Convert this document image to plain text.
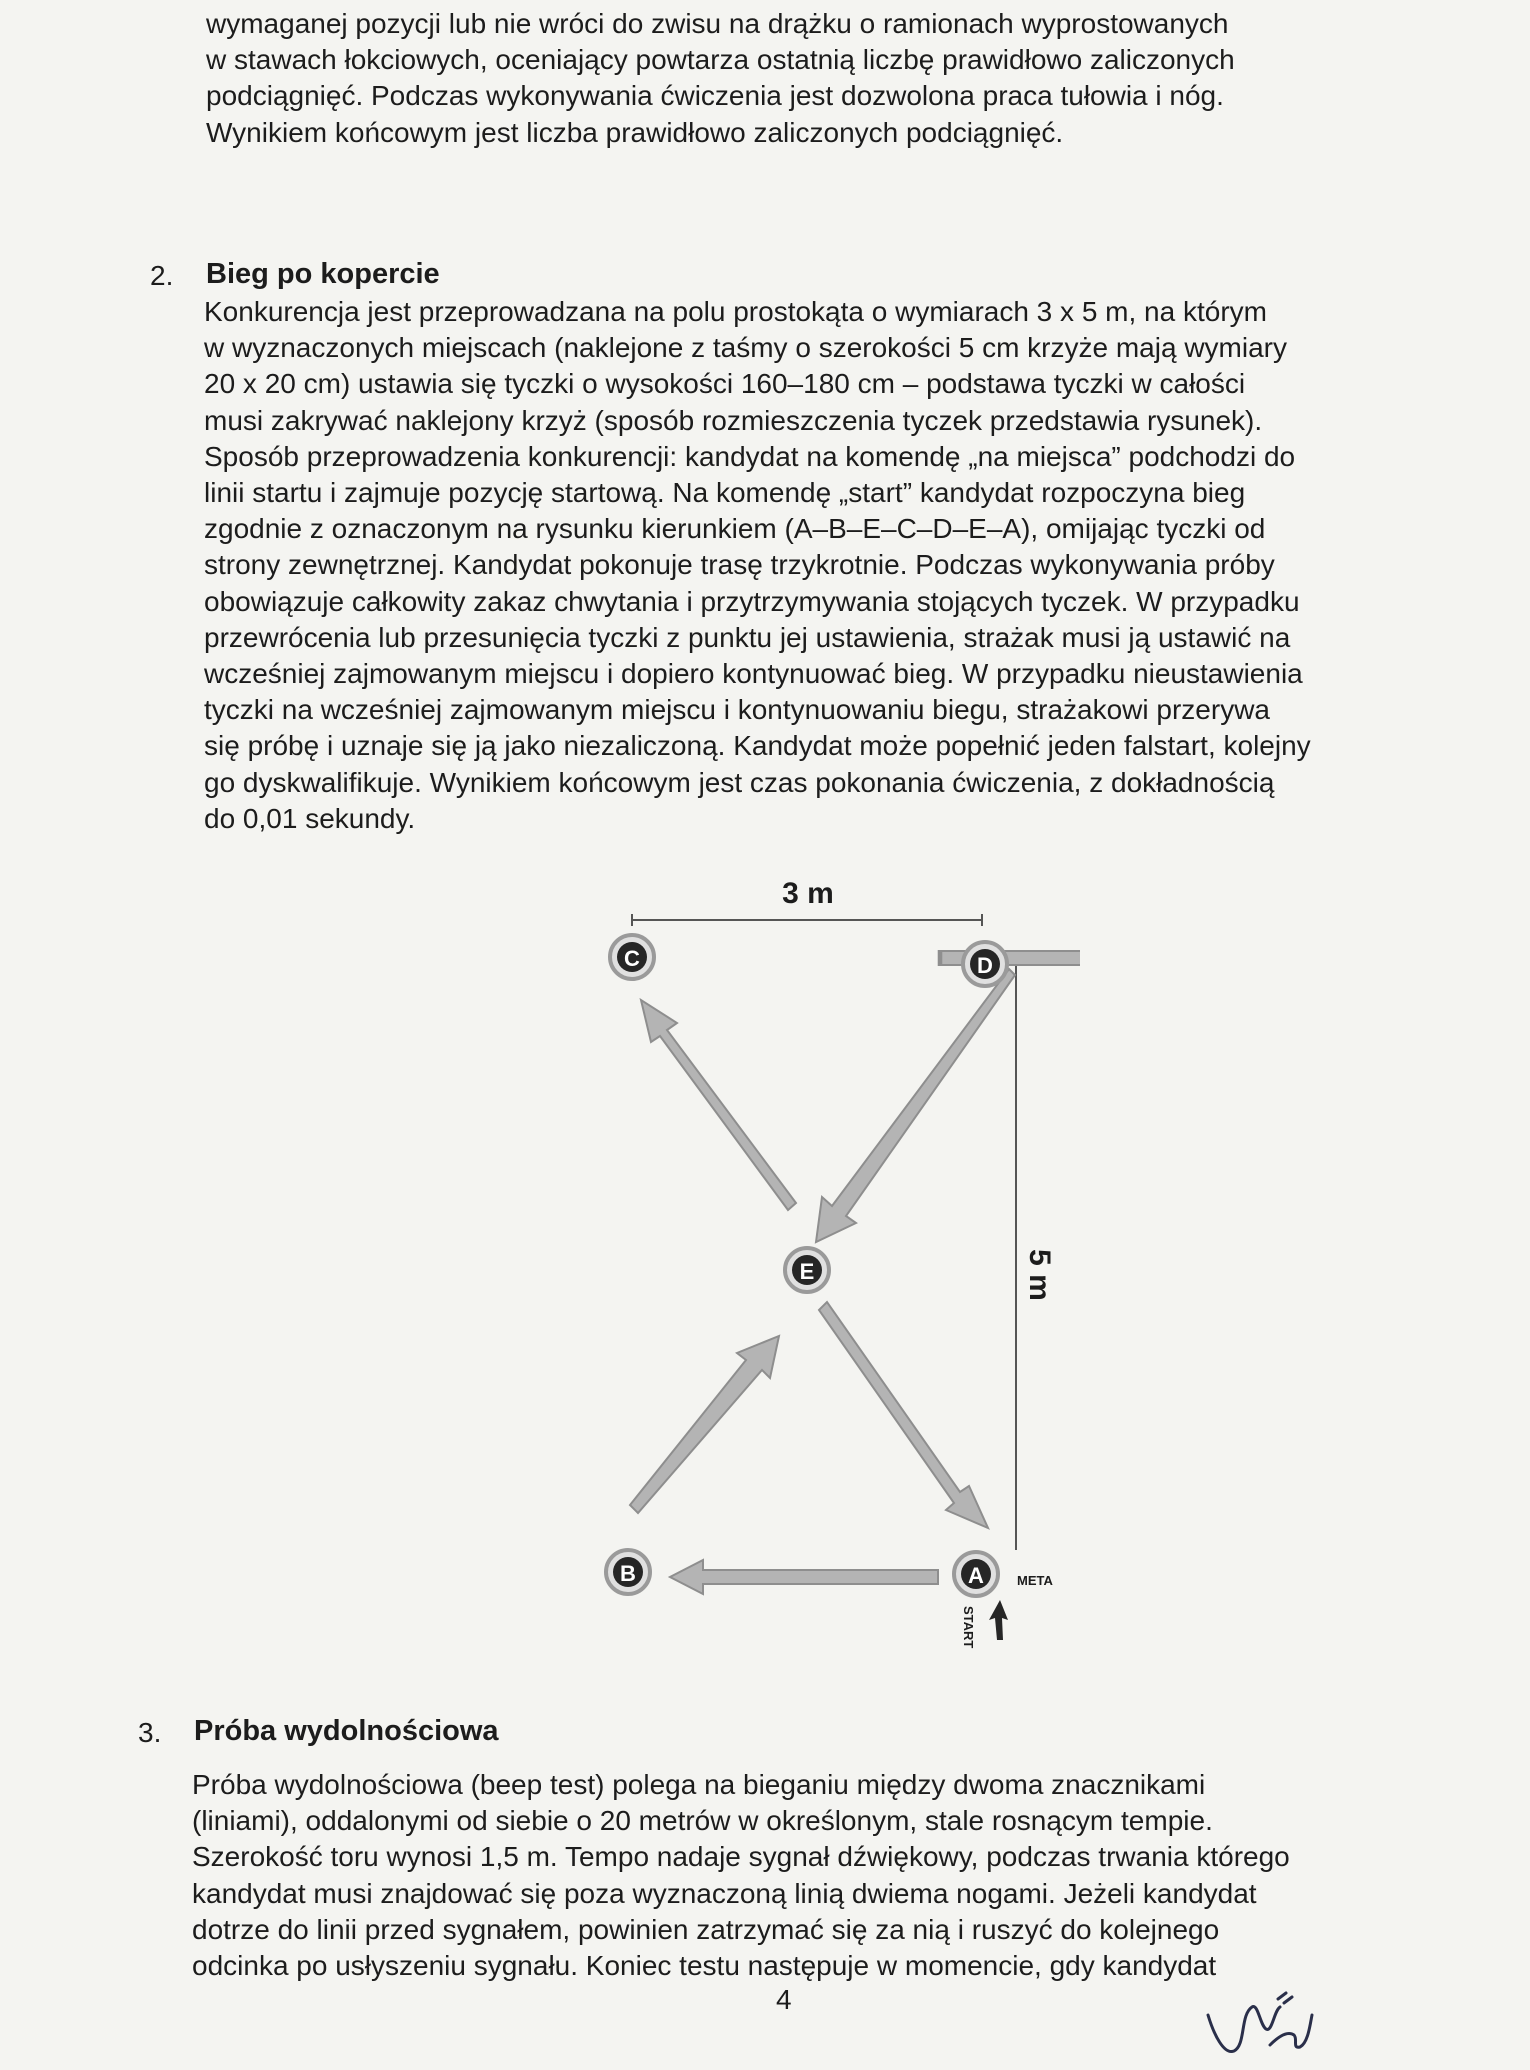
wymaganej pozycji lub nie wróci do zwisu na drążku o ramionach wyprostowanych
w stawach łokciowych, oceniający powtarza ostatnią liczbę prawidłowo zaliczonych
podciągnięć. Podczas wykonywania ćwiczenia jest dozwolona praca tułowia i nóg.
Wynikiem końcowym jest liczba prawidłowo zaliczonych podciągnięć.
2. Bieg po kopercie
Konkurencja jest przeprowadzana na polu prostokąta o wymiarach 3 x 5 m, na którym
w wyznaczonych miejscach (naklejone z taśmy o szerokości 5 cm krzyże mają wymiary
20 x 20 cm) ustawia się tyczki o wysokości 160–180 cm – podstawa tyczki w całości
musi zakrywać naklejony krzyż (sposób rozmieszczenia tyczek przedstawia rysunek).
Sposób przeprowadzenia konkurencji: kandydat na komendę „na miejsca” podchodzi do
linii startu i zajmuje pozycję startową. Na komendę „start” kandydat rozpoczyna bieg
zgodnie z oznaczonym na rysunku kierunkiem (A–B–E–C–D–E–A), omijając tyczki od
strony zewnętrznej. Kandydat pokonuje trasę trzykrotnie. Podczas wykonywania próby
obowiązuje całkowity zakaz chwytania i przytrzymywania stojących tyczek. W przypadku
przewrócenia lub przesunięcia tyczki z punktu jej ustawienia, strażak musi ją ustawić na
wcześniej zajmowanym miejscu i dopiero kontynuować bieg. W przypadku nieustawienia
tyczki na wcześniej zajmowanym miejscu i kontynuowaniu biegu, strażakowi przerywa
się próbę i uznaje się ją jako niezaliczoną. Kandydat może popełnić jeden falstart, kolejny
go dyskwalifikuje. Wynikiem końcowym jest czas pokonania ćwiczenia, z dokładnością
do 0,01 sekundy.
3 m
5 m
C	D
E
B	A	META
START
3. Próba wydolnościowa
Próba wydolnościowa (beep test) polega na bieganiu między dwoma znacznikami
(liniami), oddalonymi od siebie o 20 metrów w określonym, stale rosnącym tempie.
Szerokość toru wynosi 1,5 m. Tempo nadaje sygnał dźwiękowy, podczas trwania którego
kandydat musi znajdować się poza wyznaczoną linią dwiema nogami. Jeżeli kandydat
dotrze do linii przed sygnałem, powinien zatrzymać się za nią i ruszyć do kolejnego
odcinka po usłyszeniu sygnału. Koniec testu następuje w momencie, gdy kandydat
4
